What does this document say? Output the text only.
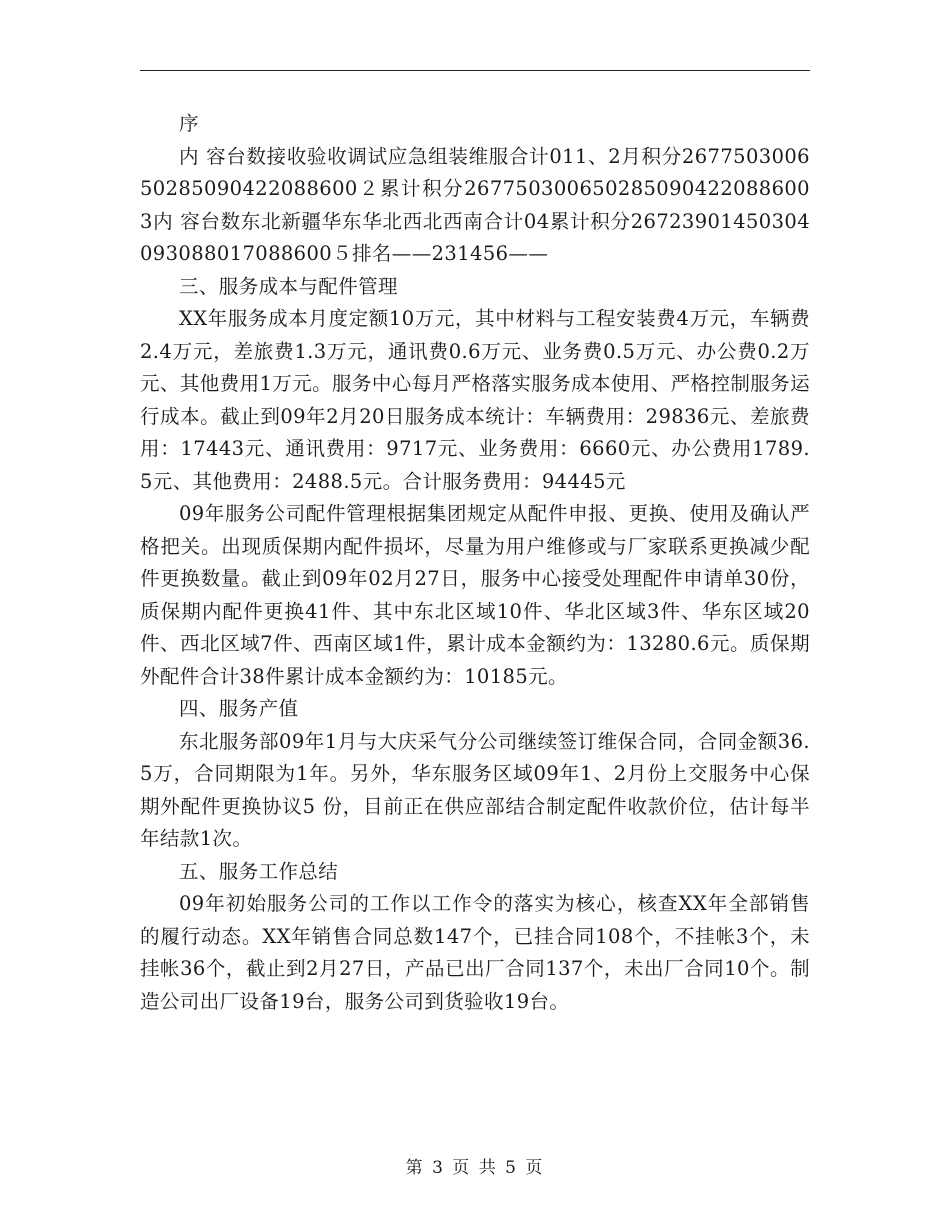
序

内 容台数接收验收调试应急组装维服合计011、2月积分267750300650285090422088600２累计积分2677503006502850904220886003内 容台数东北新疆华东华北西北西南合计04累计积分26723901450304093088017088600５排名——231456——

三、服务成本与配件管理

XX年服务成本月度定额10万元，其中材料与工程安装费4万元，车辆费2.4万元，差旅费1.3万元，通讯费0.6万元、业务费0.5万元、办公费0.2万元、其他费用1万元。服务中心每月严格落实服务成本使用、严格控制服务运行成本。截止到09年2月20日服务成本统计：车辆费用：29836元、差旅费用：17443元、通讯费用：9717元、业务费用：6660元、办公费用1789.5元、其他费用：2488.5元。合计服务费用：94445元

09年服务公司配件管理根据集团规定从配件申报、更换、使用及确认严格把关。出现质保期内配件损坏，尽量为用户维修或与厂家联系更换减少配件更换数量。截止到09年02月27日，服务中心接受处理配件申请单30份，质保期内配件更换41件、其中东北区域10件、华北区域3件、华东区域20件、西北区域7件、西南区域1件，累计成本金额约为：13280.6元。质保期外配件合计38件累计成本金额约为：10185元。

四、服务产值

东北服务部09年1月与大庆采气分公司继续签订维保合同，合同金额36.5万，合同期限为1年。另外，华东服务区域09年1、2月份上交服务中心保期外配件更换协议5 份，目前正在供应部结合制定配件收款价位，估计每半年结款1次。

五、服务工作总结

09年初始服务公司的工作以工作令的落实为核心，核查XX年全部销售的履行动态。XX年销售合同总数147个，已挂合同108个，不挂帐3个，未挂帐36个，截止到2月27日，产品已出厂合同137个，未出厂合同10个。制造公司出厂设备19台，服务公司到货验收19台。

第 3 页 共 5 页
